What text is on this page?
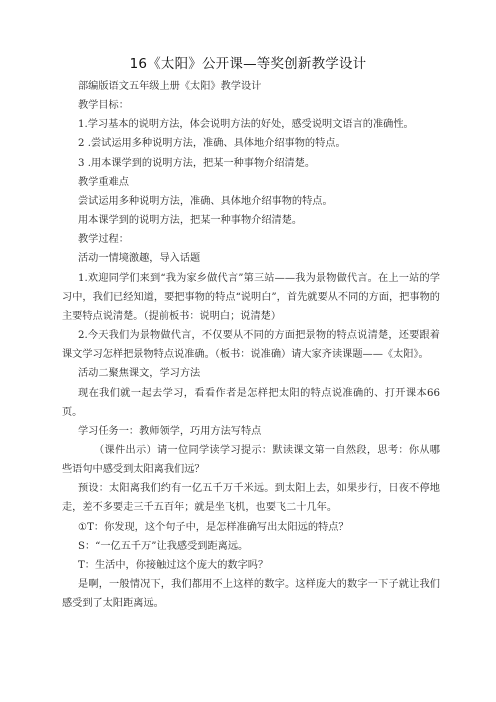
16《太阳》公开课—等奖创新教学设计

部编版语文五年级上册《太阳》教学设计

教学目标：

1.学习基本的说明方法，体会说明方法的好处，感受说明文语言的准确性。

2 .尝试运用多种说明方法，准确、具体地介绍事物的特点。

3 .用本课学到的说明方法，把某一种事物介绍清楚。

教学重难点

尝试运用多种说明方法，准确、具体地介绍事物的特点。

用本课学到的说明方法，把某一种事物介绍清楚。

教学过程：

活动一情境激趣，导入话题

1.欢迎同学们来到“我为家乡做代言”第三站——我为景物做代言。在上一站的学习中，我们已经知道，要把事物的特点“说明白”，首先就要从不同的方面，把事物的主要特点说清楚。（提前板书：说明白；说清楚）

2.今天我们为景物做代言，不仅要从不同的方面把景物的特点说清楚，还要跟着课文学习怎样把景物特点说准确。（板书：说准确）请大家齐读课题——《太阳》。

活动二聚焦课文，学习方法

现在我们就一起去学习，看看作者是怎样把太阳的特点说准确的、打开课本66页。

学习任务一：教师领学，巧用方法写特点

（课件出示）请一位同学读学习提示：默读课文第一自然段，思考：你从哪些语句中感受到太阳离我们远？

预设：太阳离我们约有一亿五千万千米远。到太阳上去，如果步行，日夜不停地走，差不多要走三千五百年；就是坐飞机，也要飞二十几年。

①T：你发现，这个句子中，是怎样准确写出太阳远的特点？

S：“一亿五千万”让我感受到距离远。

T：生活中，你接触过这个庞大的数字吗？

是啊，一般情况下，我们都用不上这样的数字。这样庞大的数字一下子就让我们感受到了太阳距离远。
